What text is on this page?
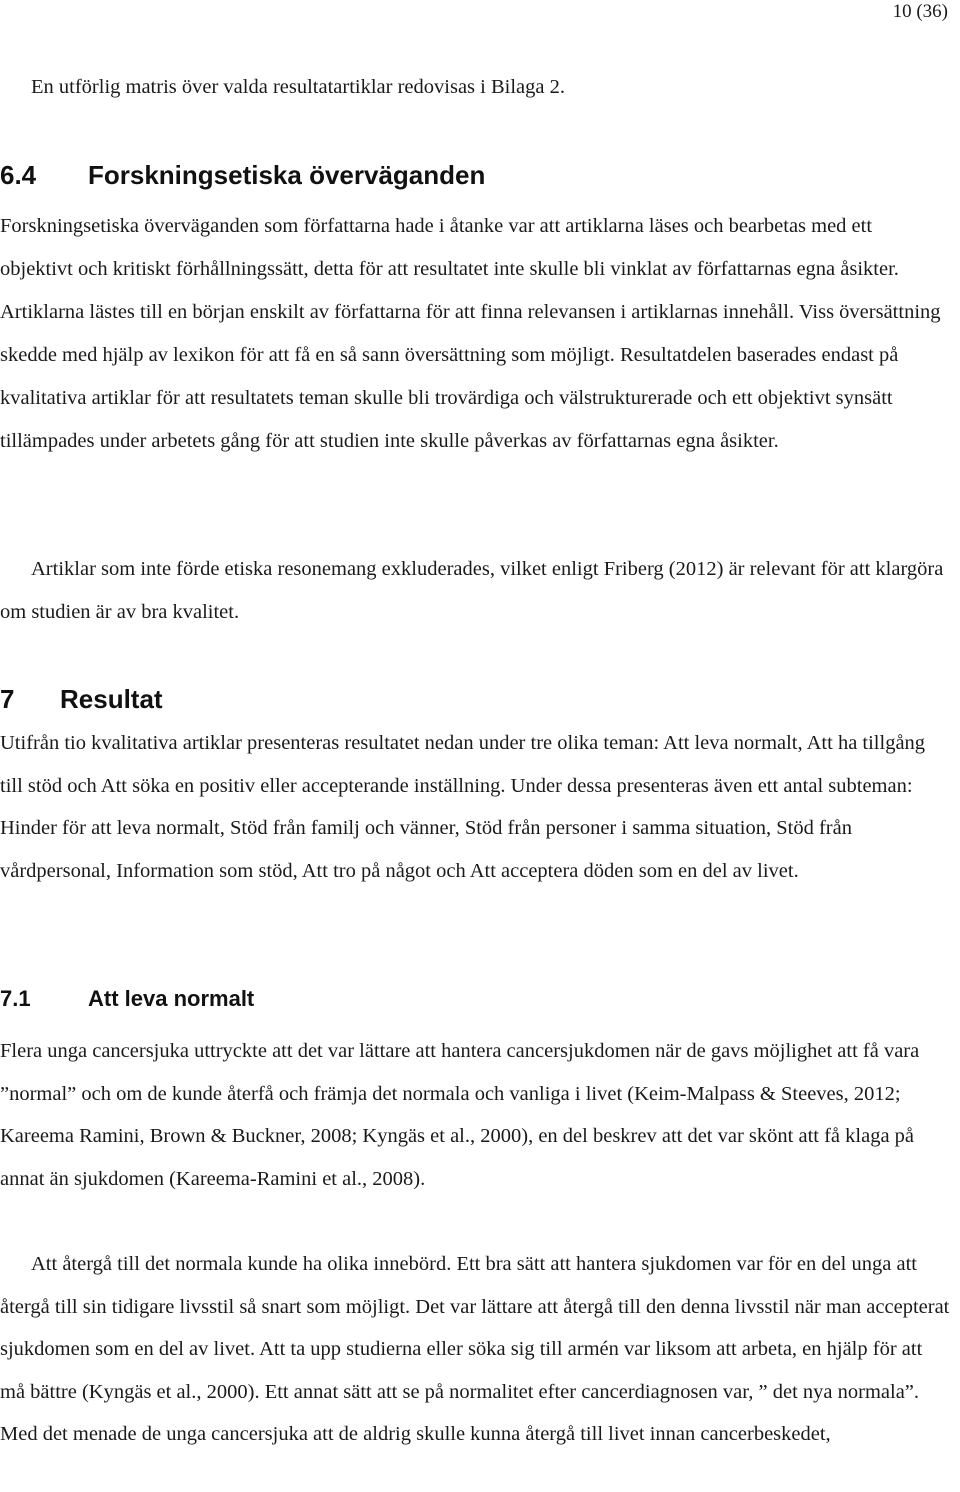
10 (36)

En utförlig matris över valda resultatartiklar redovisas i Bilaga 2.

6.4 Forskningsetiska överväganden

Forskningsetiska överväganden som författarna hade i åtanke var att artiklarna läses och bearbetas med ett objektivt och kritiskt förhållningssätt, detta för att resultatet inte skulle bli vinklat av författarnas egna åsikter. Artiklarna lästes till en början enskilt av författarna för att finna relevansen i artiklarnas innehåll. Viss översättning skedde med hjälp av lexikon för att få en så sann översättning som möjligt. Resultatdelen baserades endast på kvalitativa artiklar för att resultatets teman skulle bli trovärdiga och välstrukturerade och ett objektivt synsätt tillämpades under arbetets gång för att studien inte skulle påverkas av författarnas egna åsikter.

Artiklar som inte förde etiska resonemang exkluderades, vilket enligt Friberg (2012) är relevant för att klargöra om studien är av bra kvalitet.

7 Resultat

Utifrån tio kvalitativa artiklar presenteras resultatet nedan under tre olika teman: Att leva normalt, Att ha tillgång till stöd och Att söka en positiv eller accepterande inställning. Under dessa presenteras även ett antal subteman: Hinder för att leva normalt, Stöd från familj och vänner, Stöd från personer i samma situation, Stöd från vårdpersonal, Information som stöd, Att tro på något och Att acceptera döden som en del av livet.

7.1	Att leva normalt

Flera unga cancersjuka uttryckte att det var lättare att hantera cancersjukdomen när de gavs möjlighet att få vara ”normal” och om de kunde återfå och främja det normala och vanliga i livet (Keim-Malpass & Steeves, 2012; Kareema Ramini, Brown & Buckner, 2008; Kyngäs et al., 2000), en del beskrev att det var skönt att få klaga på annat än sjukdomen (Kareema-Ramini et al., 2008).

Att återgå till det normala kunde ha olika innebörd. Ett bra sätt att hantera sjukdomen var för en del unga att återgå till sin tidigare livsstil så snart som möjligt. Det var lättare att återgå till den denna livsstil när man accepterat sjukdomen som en del av livet. Att ta upp studierna eller söka sig till armén var liksom att arbeta, en hjälp för att må bättre (Kyngäs et al., 2000). Ett annat sätt att se på normalitet efter cancerdiagnosen var, ” det nya normala”. Med det menade de unga cancersjuka att de aldrig skulle kunna återgå till livet innan cancerbeskedet,
